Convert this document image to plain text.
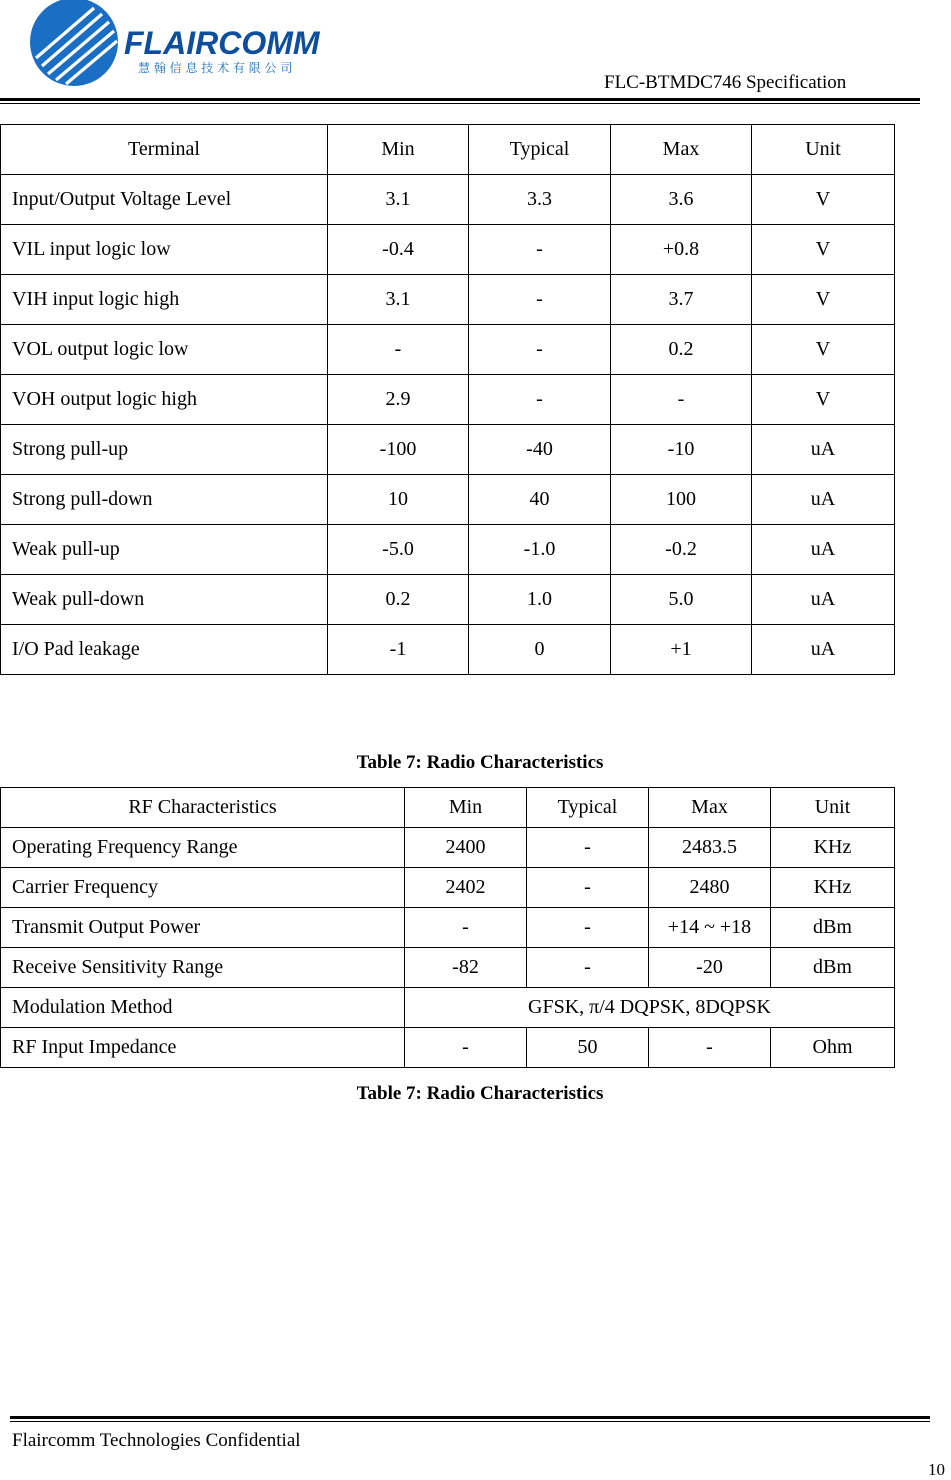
FLAIRCOMM
慧 翰 信 息 技 术 有 限 公 司
FLC-BTMDC746 Specification
Terminal	Min	Typical	Max	Unit
Input/Output Voltage Level	3.1	3.3	3.6	V
VIL input logic low	-0.4	-	+0.8	V
VIH input logic high	3.1	-	3.7	V
VOL output logic low	-	-	0.2	V
VOH output logic high	2.9	-	-	V
Strong pull-up	-100	-40	-10	uA
Strong pull-down	10	40	100	uA
Weak pull-up	-5.0	-1.0	-0.2	uA
Weak pull-down	0.2	1.0	5.0	uA
I/O Pad leakage	-1	0	+1	uA
Table 7: Radio Characteristics
RF Characteristics	Min	Typical	Max	Unit
Operating Frequency Range	2400	-	2483.5	KHz
Carrier Frequency	2402	-	2480	KHz
Transmit Output Power	-	-	+14 ~ +18	dBm
Receive Sensitivity Range	-82	-	-20	dBm
Modulation Method	GFSK, π/4 DQPSK, 8DQPSK			
RF Input Impedance	-	50	-	Ohm
Table 7: Radio Characteristics
Flaircomm Technologies Confidential
10
